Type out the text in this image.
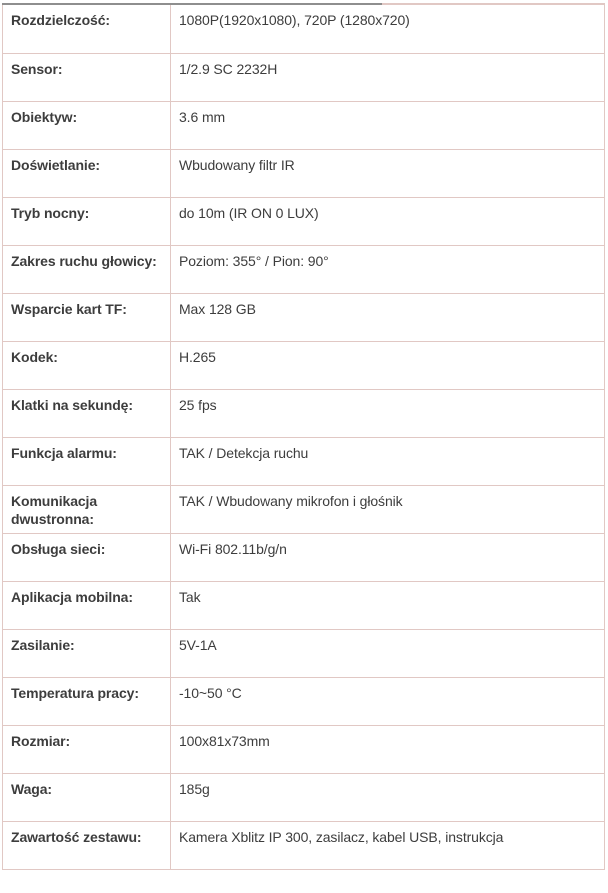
Rozdzielczość:	1080P(1920x1080), 720P (1280x720)
Sensor:	1/2.9 SC 2232H
Obiektyw:	3.6 mm
Doświetlanie:	Wbudowany filtr IR
Tryb nocny:	do 10m (IR ON 0 LUX)
Zakres ruchu głowicy:	Poziom: 355° / Pion: 90°
Wsparcie kart TF:	Max 128 GB
Kodek:	H.265
Klatki na sekundę:	25 fps
Funkcja alarmu:	TAK / Detekcja ruchu
Komunikacja dwustronna:	TAK / Wbudowany mikrofon i głośnik
Obsługa sieci:	Wi-Fi 802.11b/g/n
Aplikacja mobilna:	Tak
Zasilanie:	5V-1A
Temperatura pracy:	-10~50 °C
Rozmiar:	100x81x73mm
Waga:	185g
Zawartość zestawu:	Kamera Xblitz IP 300, zasilacz, kabel USB, instrukcja
